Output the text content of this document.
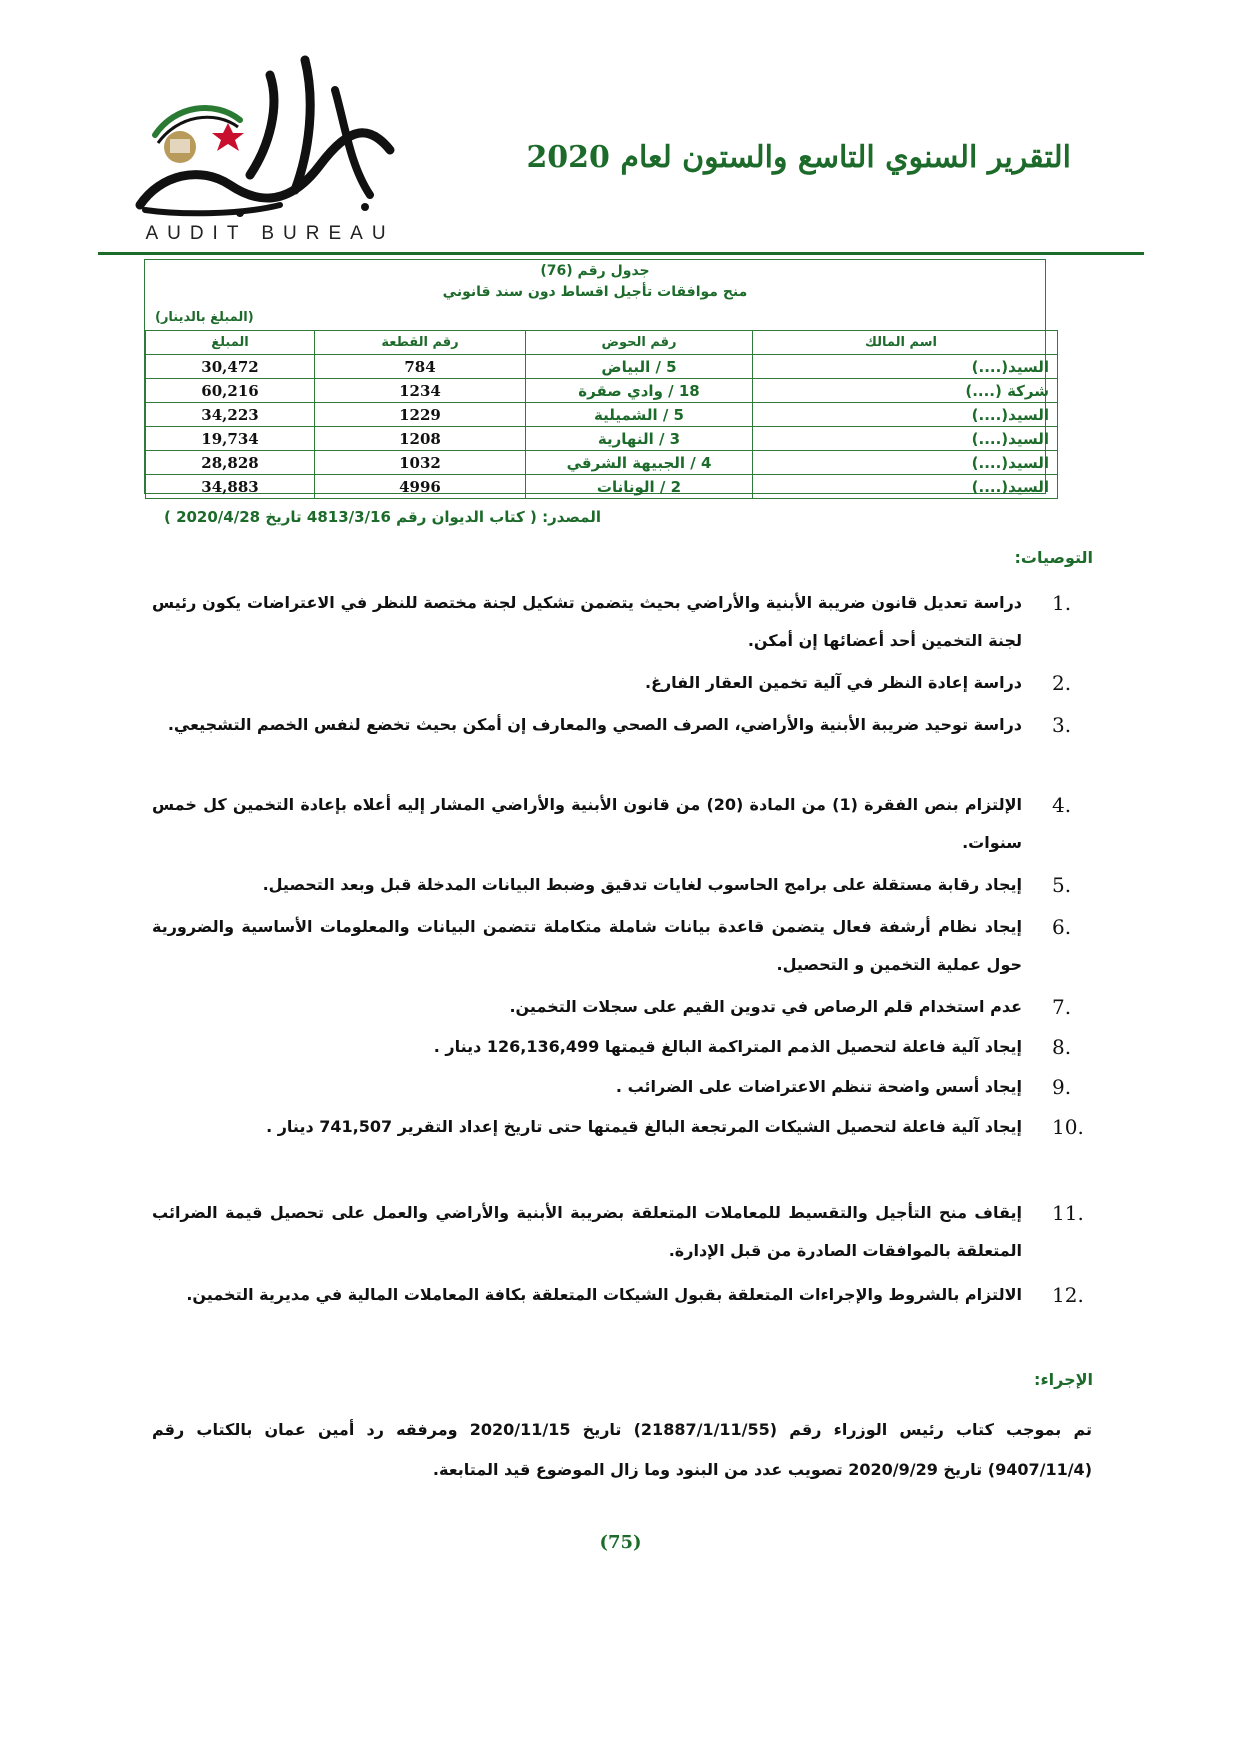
AUDIT BUREAU
التقرير السنوي التاسع والستون لعام 2020
جدول رقم (76)
منح موافقات تأجيل اقساط دون سند قانوني
(المبلغ بالدينار)
اسم المالك	رقم الحوض	رقم القطعة	المبلغ
السيد(....)	5 / البياض	784	30,472
شركة (....)	18 / وادي صقرة	1234	60,216
السيد(....)	5 / الشميلية	1229	34,223
السيد(....)	3 / النهارية	1208	19,734
السيد(....)	4 / الجبيهة الشرقي	1032	28,828
السيد(....)	2 / الونانات	4996	34,883
المصدر: ( كتاب الديوان رقم 4813/3/16 تاريخ 2020/4/28 )
التوصيات:
1.
دراسة تعديل قانون ضريبة الأبنية والأراضي بحيث يتضمن تشكيل لجنة مختصة للنظر في الاعتراضات يكون رئيس لجنة التخمين أحد أعضائها إن أمكن.
2.
دراسة إعادة النظر في آلية تخمين العقار الفارغ.
3.
دراسة توحيد ضريبة الأبنية والأراضي، الصرف الصحي والمعارف إن أمكن بحيث تخضع لنفس الخصم التشجيعي.
4.
الإلتزام بنص الفقرة (1) من المادة (20) من قانون الأبنية والأراضي المشار إليه أعلاه بإعادة التخمين كل خمس سنوات.
5.
إيجاد رقابة مستقلة على برامج الحاسوب لغايات تدقيق وضبط البيانات المدخلة قبل وبعد التحصيل.
6.
إيجاد نظام أرشفة فعال يتضمن قاعدة بيانات شاملة متكاملة تتضمن البيانات والمعلومات الأساسية والضرورية حول عملية التخمين و التحصيل.
7.
عدم استخدام قلم الرصاص في تدوين القيم على سجلات التخمين.
8.
إيجاد آلية فاعلة لتحصيل الذمم المتراكمة البالغ قيمتها 126,136,499 دينار .
9.
إيجاد أسس واضحة تنظم الاعتراضات على الضرائب .
10.
إيجاد آلية فاعلة لتحصيل الشيكات المرتجعة البالغ قيمتها حتى تاريخ إعداد التقرير 741,507 دينار .
11.
إيقاف منح التأجيل والتقسيط للمعاملات المتعلقة بضريبة الأبنية والأراضي والعمل على تحصيل قيمة الضرائب المتعلقة بالموافقات الصادرة من قبل الإدارة.
12.
الالتزام بالشروط والإجراءات المتعلقة بقبول الشيكات المتعلقة بكافة المعاملات المالية في مديرية التخمين.
الإجراء:
تم بموجب كتاب رئيس الوزراء رقم (21887/1/11/55) تاريخ 2020/11/15 ومرفقه رد أمين عمان بالكتاب رقم (9407/11/4) تاريخ 2020/9/29 تصويب عدد من البنود وما زال الموضوع قيد المتابعة.
(75)
